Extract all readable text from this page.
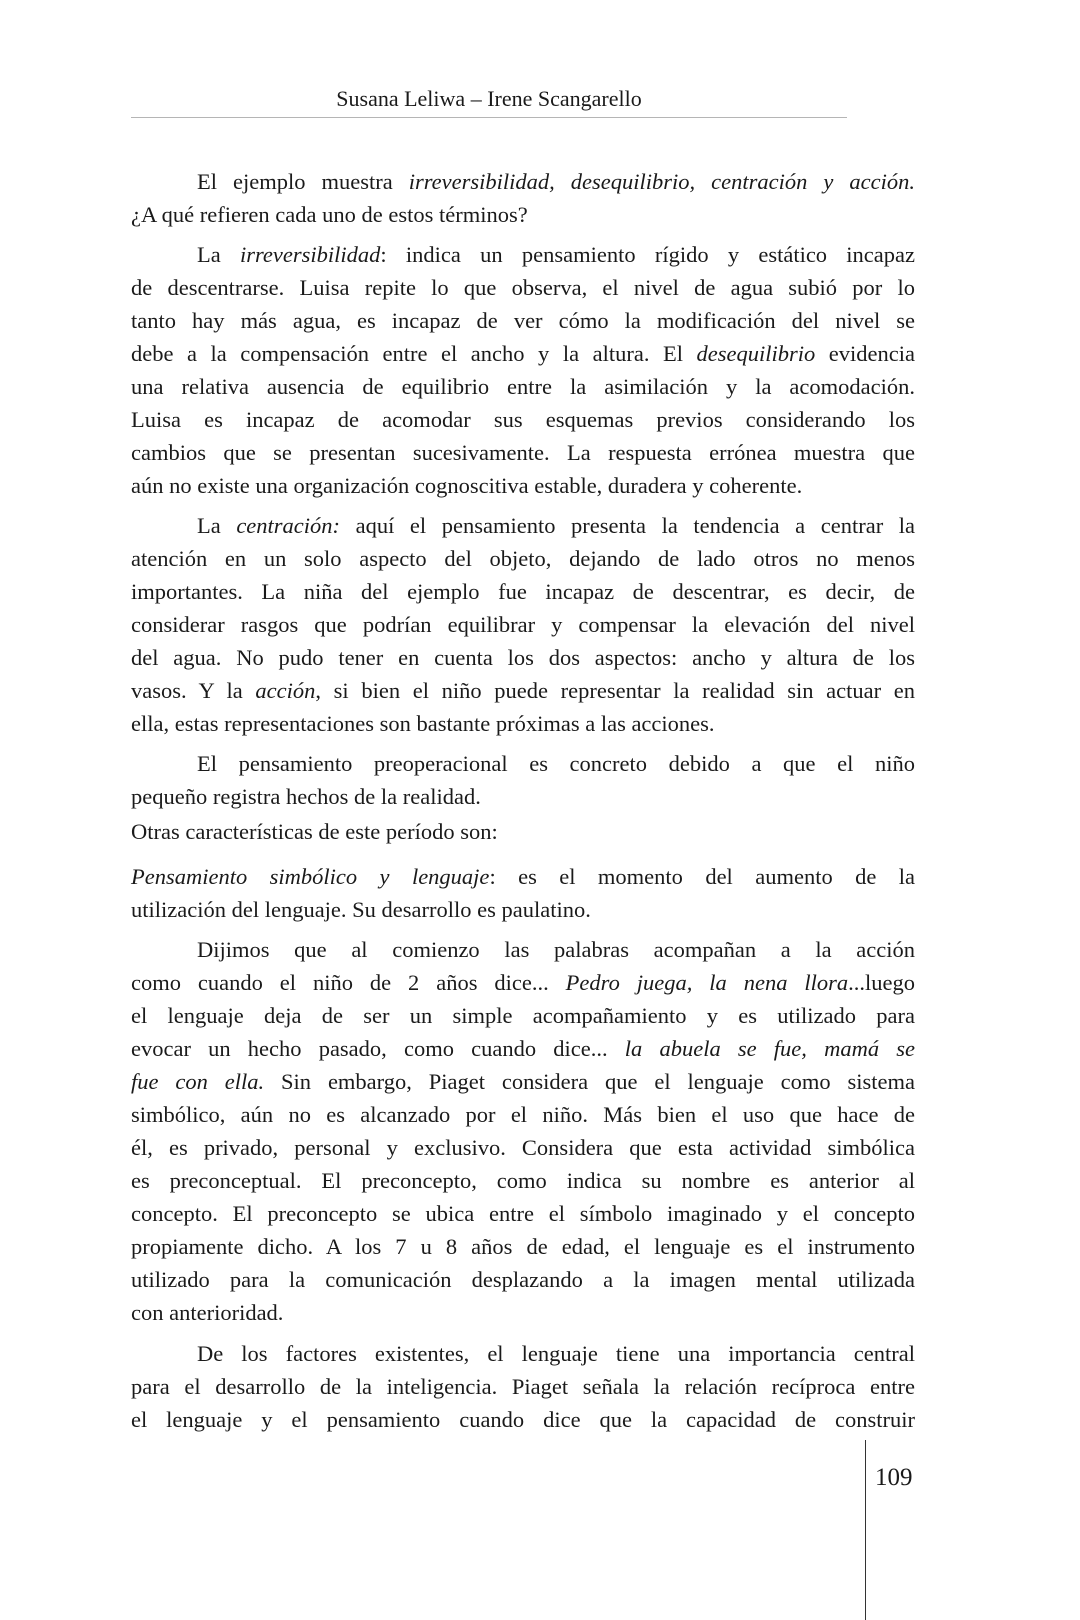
Susana Leliwa – Irene Scangarello
El ejemplo muestra irreversibilidad, desequilibrio, centración y acción.
¿A qué refieren cada uno de estos términos?
La irreversibilidad: indica un pensamiento rígido y estático incapaz
de descentrarse. Luisa repite lo que observa, el nivel de agua subió por lo
tanto hay más agua, es incapaz de ver cómo la modificación del nivel se
debe a la compensación entre el ancho y la altura. El desequilibrio evidencia
una relativa ausencia de equilibrio entre la asimilación y la acomodación.
Luisa es incapaz de acomodar sus esquemas previos considerando los
cambios que se presentan sucesivamente. La respuesta errónea muestra que
aún no existe una organización cognoscitiva estable, duradera y coherente.
La centración: aquí el pensamiento presenta la tendencia a centrar la
atención en un solo aspecto del objeto, dejando de lado otros no menos
importantes. La niña del ejemplo fue incapaz de descentrar, es decir, de
considerar rasgos que podrían equilibrar y compensar la elevación del nivel
del agua. No pudo tener en cuenta los dos aspectos: ancho y altura de los
vasos. Y la acción, si bien el niño puede representar la realidad sin actuar en
ella, estas representaciones son bastante próximas a las acciones.
El pensamiento preoperacional es concreto debido a que el niño
pequeño registra hechos de la realidad.
Otras características de este período son:
Pensamiento simbólico y lenguaje: es el momento del aumento de la
utilización del lenguaje. Su desarrollo es paulatino.
Dijimos que al comienzo las palabras acompañan a la acción
como cuando el niño de 2 años dice... Pedro juega, la nena llora...luego
el lenguaje deja de ser un simple acompañamiento y es utilizado para
evocar un hecho pasado, como cuando dice... la abuela se fue, mamá se
fue con ella. Sin embargo, Piaget considera que el lenguaje como sistema
simbólico, aún no es alcanzado por el niño. Más bien el uso que hace de
él, es privado, personal y exclusivo. Considera que esta actividad simbólica
es preconceptual. El preconcepto, como indica su nombre es anterior al
concepto. El preconcepto se ubica entre el símbolo imaginado y el concepto
propiamente dicho. A los 7 u 8 años de edad, el lenguaje es el instrumento
utilizado para la comunicación desplazando a la imagen mental utilizada
con anterioridad.
De los factores existentes, el lenguaje tiene una importancia central
para el desarrollo de la inteligencia. Piaget señala la relación recíproca entre
el lenguaje y el pensamiento cuando dice que la capacidad de construir
109
